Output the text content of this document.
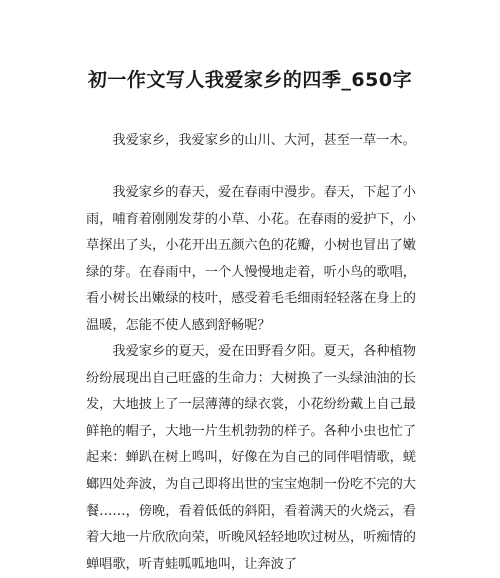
初一作文写人我爱家乡的四季_650字

我爱家乡，我爱家乡的山川、大河，甚至一草一木。

我爱家乡的春天，爱在春雨中漫步。春天，下起了小雨，哺育着刚刚发芽的小草、小花。在春雨的爱护下，小草探出了头，小花开出五颜六色的花瓣，小树也冒出了嫩绿的芽。在春雨中，一个人慢慢地走着，听小鸟的歌唱，看小树长出嫩绿的枝叶，感受着毛毛细雨轻轻落在身上的温暖，怎能不使人感到舒畅呢？

我爱家乡的夏天，爱在田野看夕阳。夏天，各种植物纷纷展现出自己旺盛的生命力：大树换了一头绿油油的长发，大地披上了一层薄薄的绿衣裳，小花纷纷戴上自己最鲜艳的帽子，大地一片生机勃勃的样子。各种小虫也忙了起来：蝉趴在树上鸣叫，好像在为自己的同伴唱情歌，蜣螂四处奔波，为自己即将出世的宝宝炮制一份吃不完的大餐……，傍晚，看着低低的斜阳，看着满天的火烧云，看着大地一片欣欣向荣，听晚风轻轻地吹过树丛，听痴情的蝉唱歌，听青蛙呱呱地叫，让奔波了
